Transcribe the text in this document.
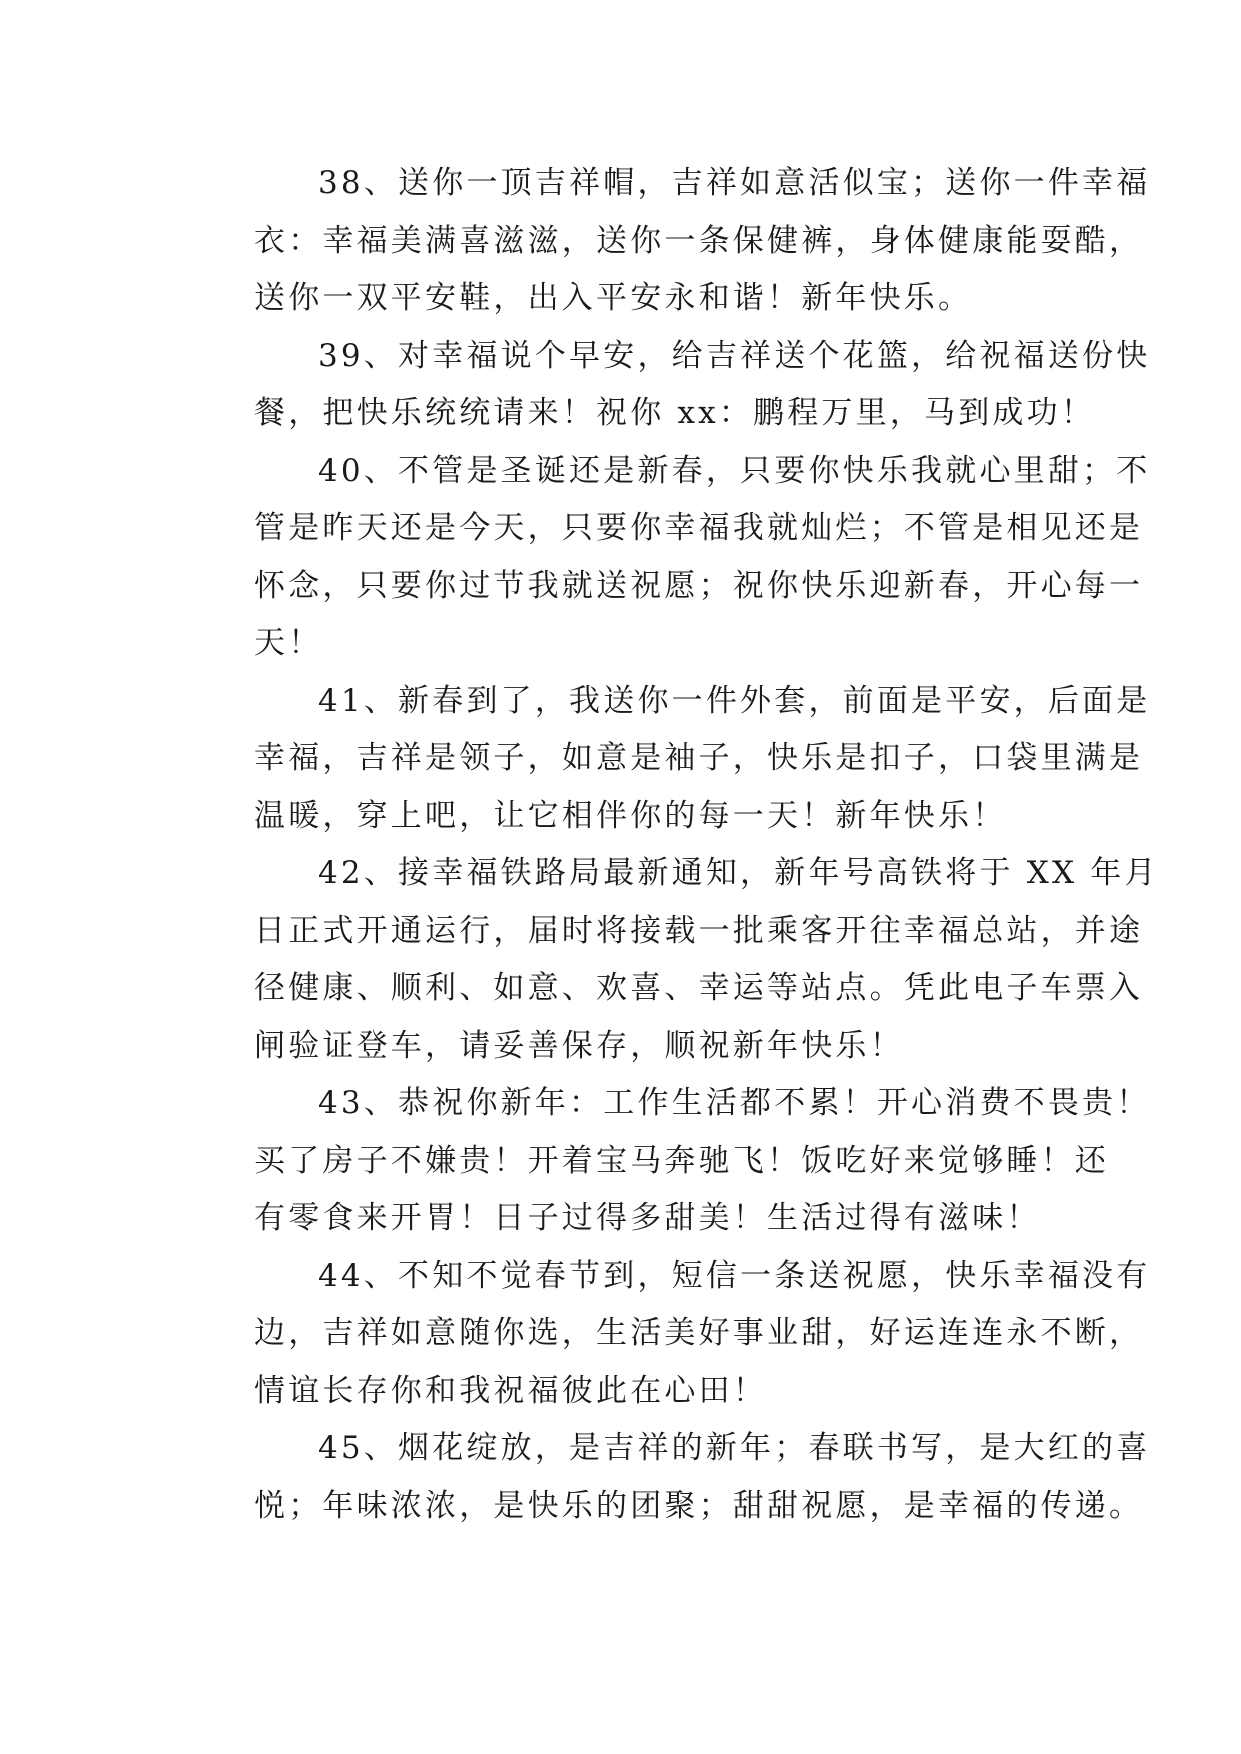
38、送你一顶吉祥帽，吉祥如意活似宝；送你一件幸福
衣：幸福美满喜滋滋，送你一条保健裤，身体健康能耍酷，
送你一双平安鞋，出入平安永和谐！新年快乐。
39、对幸福说个早安，给吉祥送个花篮，给祝福送份快
餐，把快乐统统请来！祝你 xx：鹏程万里，马到成功！
40、不管是圣诞还是新春，只要你快乐我就心里甜；不
管是昨天还是今天，只要你幸福我就灿烂；不管是相见还是
怀念，只要你过节我就送祝愿；祝你快乐迎新春，开心每一
天！
41、新春到了，我送你一件外套，前面是平安，后面是
幸福，吉祥是领子，如意是袖子，快乐是扣子，口袋里满是
温暖，穿上吧，让它相伴你的每一天！新年快乐！
42、接幸福铁路局最新通知，新年号高铁将于 XX 年月
日正式开通运行，届时将接载一批乘客开往幸福总站，并途
径健康、顺利、如意、欢喜、幸运等站点。凭此电子车票入
闸验证登车，请妥善保存，顺祝新年快乐！
43、恭祝你新年：工作生活都不累！开心消费不畏贵！
买了房子不嫌贵！开着宝马奔驰飞！饭吃好来觉够睡！还
有零食来开胃！日子过得多甜美！生活过得有滋味！
44、不知不觉春节到，短信一条送祝愿，快乐幸福没有
边，吉祥如意随你选，生活美好事业甜，好运连连永不断，
情谊长存你和我祝福彼此在心田！
45、烟花绽放，是吉祥的新年；春联书写，是大红的喜
悦；年味浓浓，是快乐的团聚；甜甜祝愿，是幸福的传递。
